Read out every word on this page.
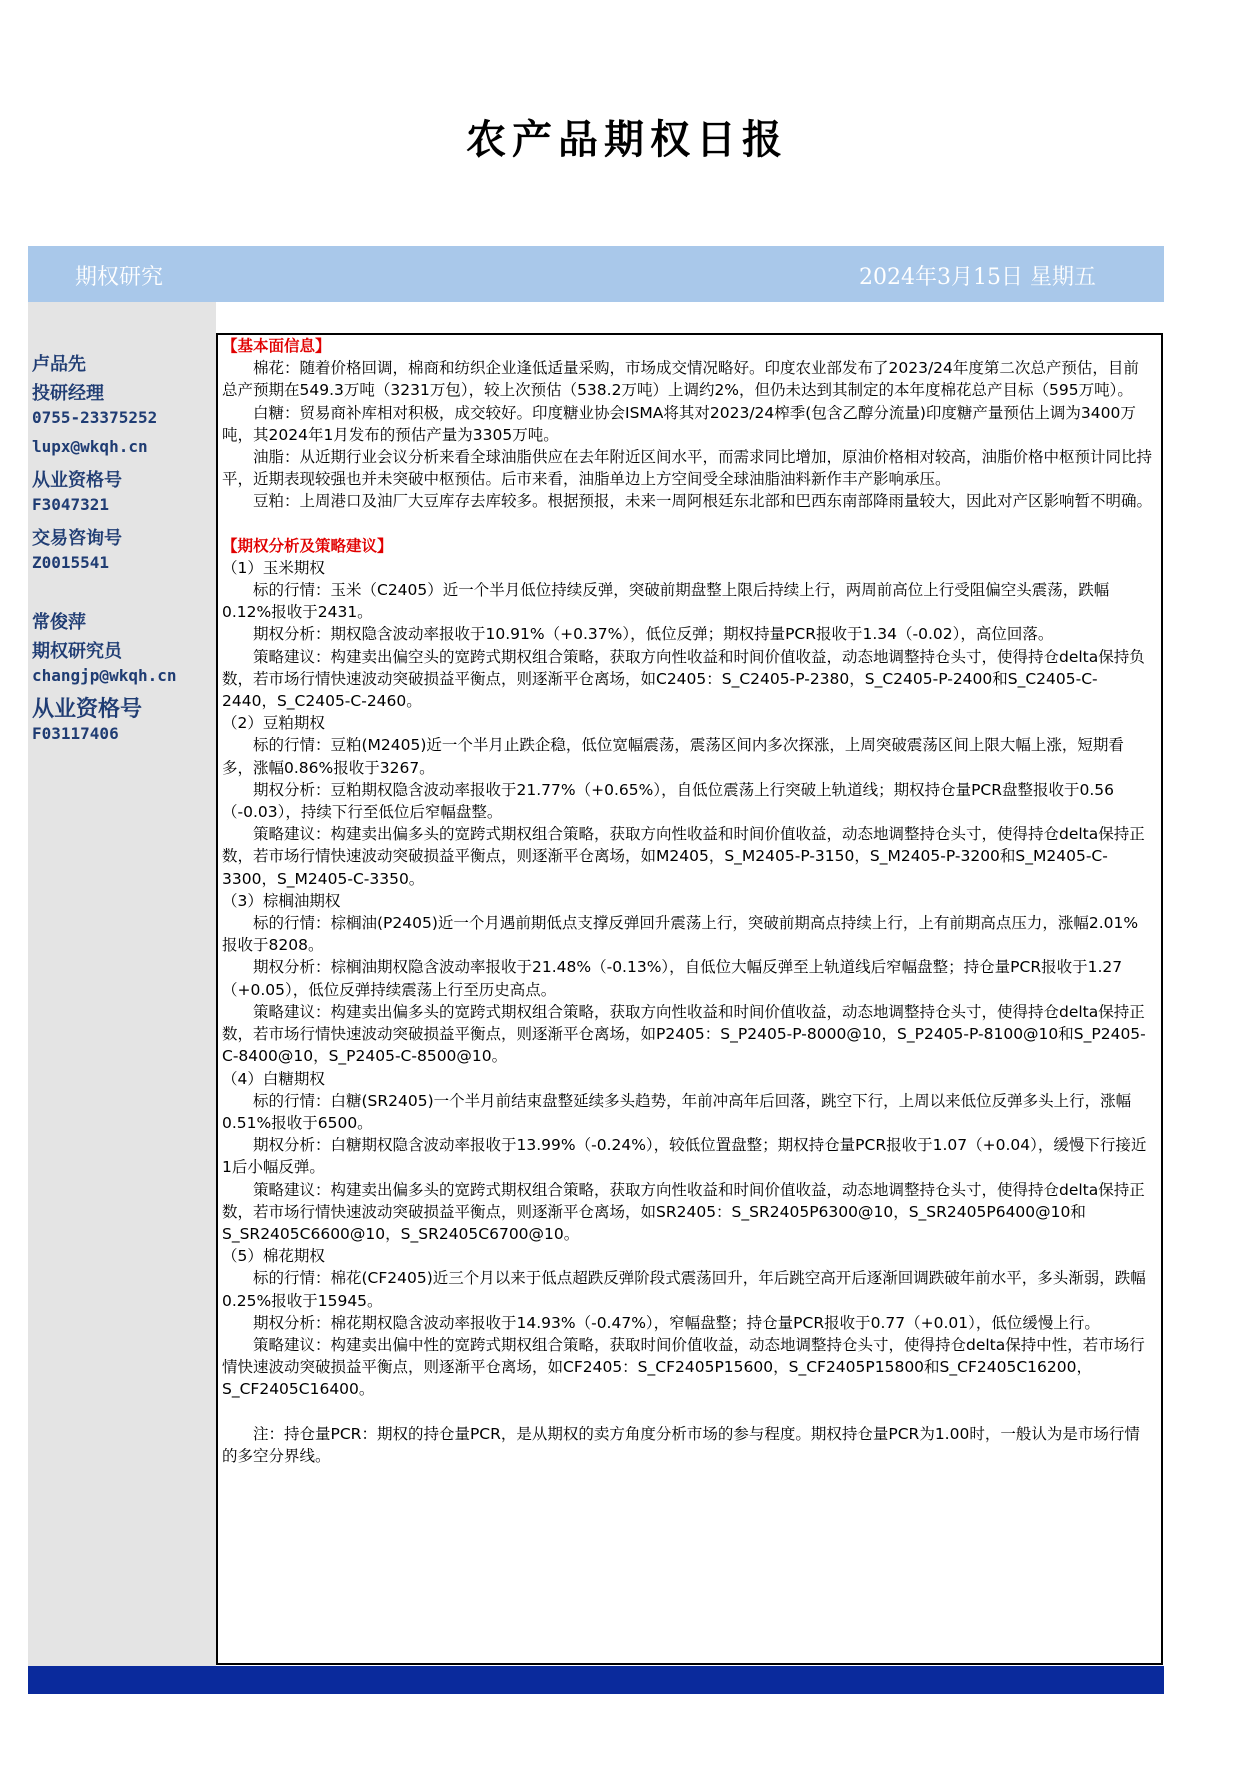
农产品期权日报
期权研究	2024年3月15日 星期五
卢品先
投研经理
0755-23375252
lupx@wkqh.cn
从业资格号
F3047321
交易咨询号
Z0015541
常俊萍
期权研究员
changjp@wkqh.cn
从业资格号
F03117406
【基本面信息】

棉花：随着价格回调，棉商和纺织企业逢低适量采购，市场成交情况略好。印度农业部发布了2023/24年度第二次总产预估，目前总产预期在549.3万吨（3231万包），较上次预估（538.2万吨）上调约2%，但仍未达到其制定的本年度棉花总产目标（595万吨）。

白糖：贸易商补库相对积极，成交较好。印度糖业协会ISMA将其对2023/24榨季(包含乙醇分流量)印度糖产量预估上调为3400万吨，其2024年1月发布的预估产量为3305万吨。

油脂：从近期行业会议分析来看全球油脂供应在去年附近区间水平，而需求同比增加，原油价格相对较高，油脂价格中枢预计同比持平，近期表现较强也并未突破中枢预估。后市来看，油脂单边上方空间受全球油脂油料新作丰产影响承压。

豆粕：上周港口及油厂大豆库存去库较多。根据预报，未来一周阿根廷东北部和巴西东南部降雨量较大，因此对产区影响暂不明确。

【期权分析及策略建议】

（1）玉米期权

标的行情：玉米（C2405）近一个半月低位持续反弹，突破前期盘整上限后持续上行，两周前高位上行受阻偏空头震荡，跌幅0.12%报收于2431。

期权分析：期权隐含波动率报收于10.91%（+0.37%），低位反弹；期权持量PCR报收于1.34（-0.02），高位回落。

策略建议：构建卖出偏空头的宽跨式期权组合策略，获取方向性收益和时间价值收益，动态地调整持仓头寸，使得持仓delta保持负数，若市场行情快速波动突破损益平衡点，则逐渐平仓离场，如C2405：S_C2405-P-2380，S_C2405-P-2400和S_C2405-C-2440，S_C2405-C-2460。

（2）豆粕期权

标的行情：豆粕(M2405)近一个半月止跌企稳，低位宽幅震荡，震荡区间内多次探涨，上周突破震荡区间上限大幅上涨，短期看多，涨幅0.86%报收于3267。

期权分析：豆粕期权隐含波动率报收于21.77%（+0.65%），自低位震荡上行突破上轨道线；期权持仓量PCR盘整报收于0.56（-0.03），持续下行至低位后窄幅盘整。

策略建议：构建卖出偏多头的宽跨式期权组合策略，获取方向性收益和时间价值收益，动态地调整持仓头寸，使得持仓delta保持正数，若市场行情快速波动突破损益平衡点，则逐渐平仓离场，如M2405，S_M2405-P-3150，S_M2405-P-3200和S_M2405-C-3300，S_M2405-C-3350。

（3）棕榈油期权

标的行情：棕榈油(P2405)近一个月遇前期低点支撑反弹回升震荡上行，突破前期高点持续上行，上有前期高点压力，涨幅2.01%报收于8208。

期权分析：棕榈油期权隐含波动率报收于21.48%（-0.13%），自低位大幅反弹至上轨道线后窄幅盘整；持仓量PCR报收于1.27（+0.05），低位反弹持续震荡上行至历史高点。

策略建议：构建卖出偏多头的宽跨式期权组合策略，获取方向性收益和时间价值收益，动态地调整持仓头寸，使得持仓delta保持正数，若市场行情快速波动突破损益平衡点，则逐渐平仓离场，如P2405：S_P2405-P-8000@10，S_P2405-P-8100@10和S_P2405-C-8400@10，S_P2405-C-8500@10。

（4）白糖期权

标的行情：白糖(SR2405)一个半月前结束盘整延续多头趋势，年前冲高年后回落，跳空下行，上周以来低位反弹多头上行，涨幅0.51%报收于6500。

期权分析：白糖期权隐含波动率报收于13.99%（-0.24%），较低位置盘整；期权持仓量PCR报收于1.07（+0.04），缓慢下行接近1后小幅反弹。

策略建议：构建卖出偏多头的宽跨式期权组合策略，获取方向性收益和时间价值收益，动态地调整持仓头寸，使得持仓delta保持正数，若市场行情快速波动突破损益平衡点，则逐渐平仓离场，如SR2405：S_SR2405P6300@10，S_SR2405P6400@10和S_SR2405C6600@10，S_SR2405C6700@10。

（5）棉花期权

标的行情：棉花(CF2405)近三个月以来于低点超跌反弹阶段式震荡回升，年后跳空高开后逐渐回调跌破年前水平，多头渐弱，跌幅0.25%报收于15945。

期权分析：棉花期权隐含波动率报收于14.93%（-0.47%），窄幅盘整；持仓量PCR报收于0.77（+0.01），低位缓慢上行。

策略建议：构建卖出偏中性的宽跨式期权组合策略，获取时间价值收益，动态地调整持仓头寸，使得持仓delta保持中性，若市场行情快速波动突破损益平衡点，则逐渐平仓离场，如CF2405：S_CF2405P15600，S_CF2405P15800和S_CF2405C16200，S_CF2405C16400。

注：持仓量PCR：期权的持仓量PCR，是从期权的卖方角度分析市场的参与程度。期权持仓量PCR为1.00时，一般认为是市场行情的多空分界线。
